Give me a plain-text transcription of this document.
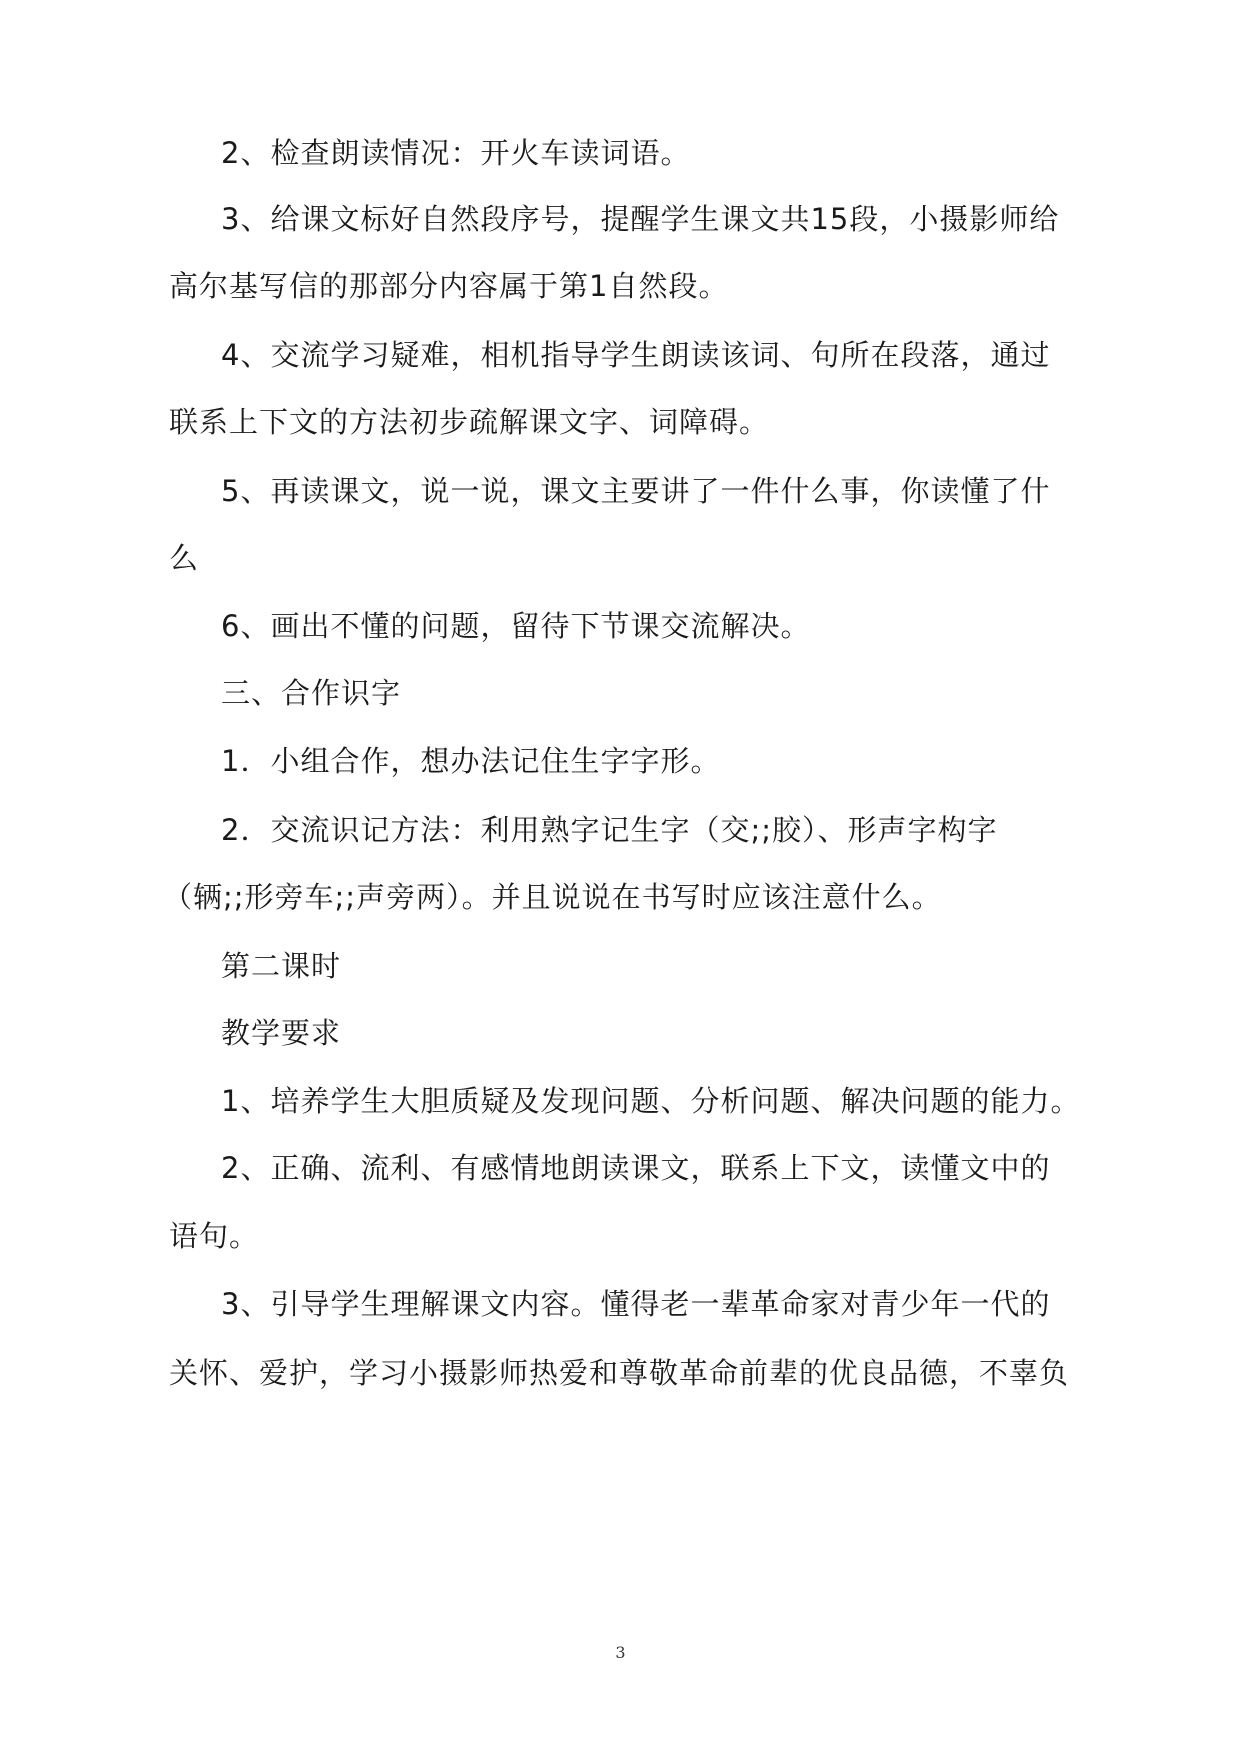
2、检查朗读情况：开火车读词语。
3、给课文标好自然段序号，提醒学生课文共15段，小摄影师给
高尔基写信的那部分内容属于第1自然段。
4、交流学习疑难，相机指导学生朗读该词、句所在段落，通过
联系上下文的方法初步疏解课文字、词障碍。
5、再读课文，说一说，课文主要讲了一件什么事，你读懂了什
么
6、画出不懂的问题，留待下节课交流解决。
三、合作识字
1．小组合作，想办法记住生字字形。
2．交流识记方法：利用熟字记生字（交;;胶）、形声字构字
（辆;;形旁车;;声旁两）。并且说说在书写时应该注意什么。
第二课时
教学要求
1、培养学生大胆质疑及发现问题、分析问题、解决问题的能力。
2、正确、流利、有感情地朗读课文，联系上下文，读懂文中的
语句。
3、引导学生理解课文内容。懂得老一辈革命家对青少年一代的
关怀、爱护，学习小摄影师热爱和尊敬革命前辈的优良品德，不辜负
3
